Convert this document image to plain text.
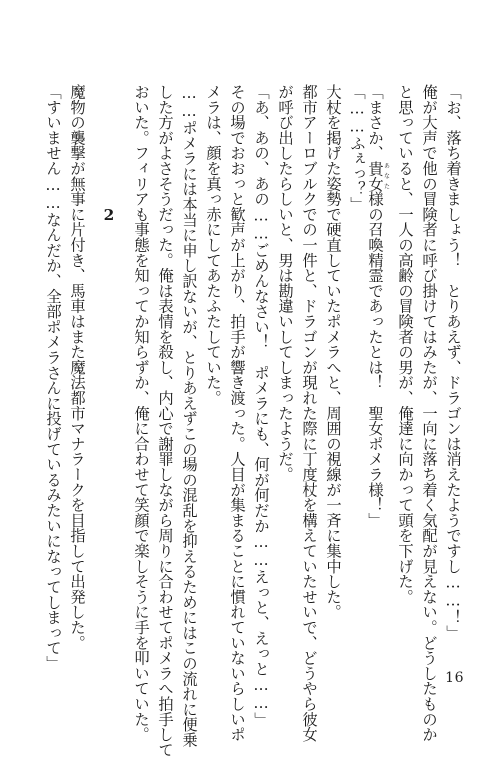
「お、落ち着きましょう！　とりあえず、ドラゴンは消えたようですし……！」
俺が大声で他の冒険者に呼び掛けてはみたが、一向に落ち着く気配が見えない。どうしたものか
と思っていると、一人の高齢の冒険者の男が、俺達に向かって頭を下げた。
「まさか、貴女あなた様の召喚精霊であったとは！　聖女ポメラ様！」
「……ふぇっ？」
大杖を掲げた姿勢で硬直していたポメラへと、周囲の視線が一斉に集中した。
都市アーロブルクでの一件と、ドラゴンが現れた際に丁度杖を構えていたせいで、どうやら彼女
が呼び出したらしいと、男は勘違いしてしまったようだ。
「あ、あの、あの……ごめんなさい！　ポメラにも、何が何だか……えっと、えっと……」
その場でおおっと歓声が上がり、拍手が響き渡った。人目が集まることに慣れていないらしいポ
メラは、顔を真っ赤にしてあたふたしていた。
……ポメラには本当に申し訳ないが、とりあえずこの場の混乱を抑えるためにはこの流れに便乗
した方がよさそうだった。俺は表情を殺し、内心で謝罪しながら周りに合わせてポメラへ拍手して
おいた。フィリアも事態を知ってか知らずか、俺に合わせて笑顔で楽しそうに手を叩いていた。
2
魔物の襲撃が無事に片付き、馬車はまた魔法都市マナラークを目指して出発した。
「すいません……なんだか、全部ポメラさんに投げているみたいになってしまって」
16
